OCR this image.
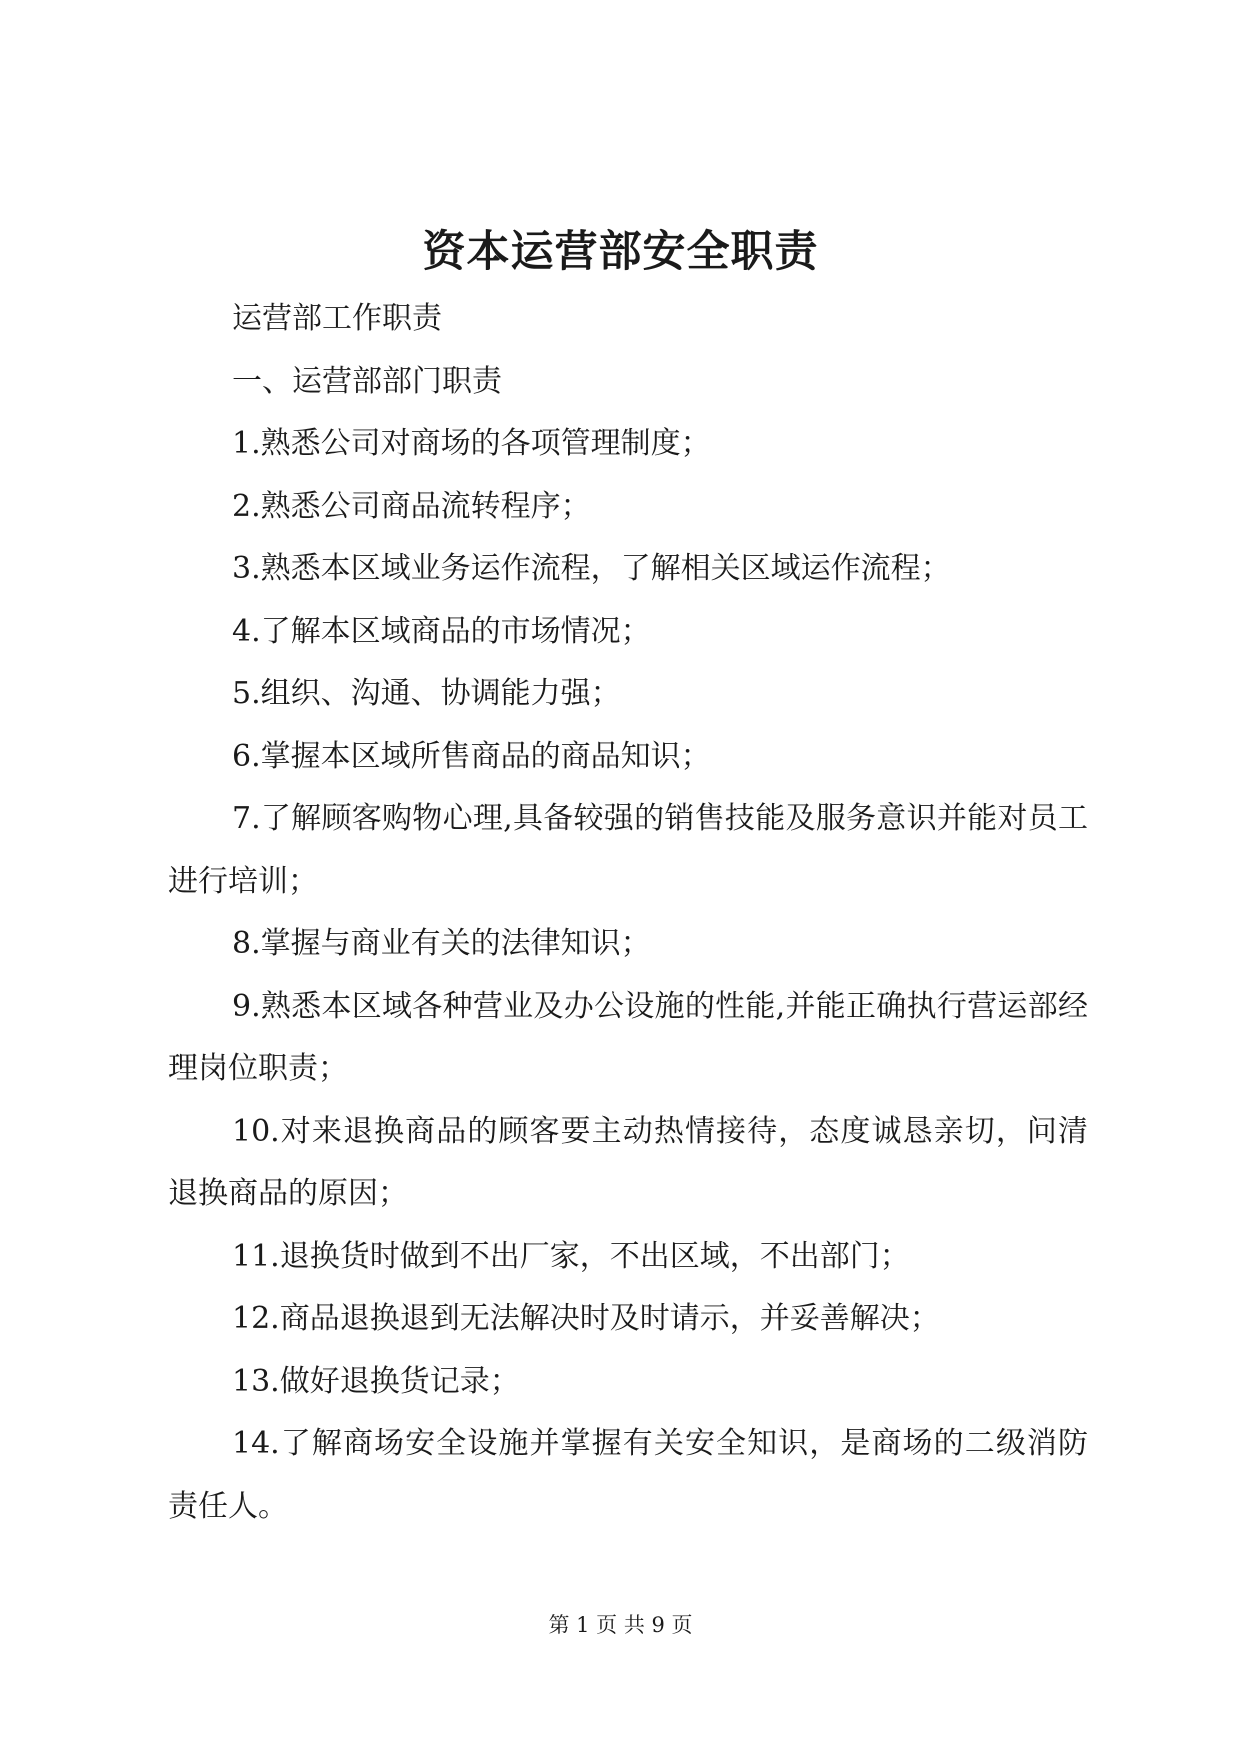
资本运营部安全职责

运营部工作职责

一、运营部部门职责

1.熟悉公司对商场的各项管理制度；

2.熟悉公司商品流转程序；

3.熟悉本区域业务运作流程，了解相关区域运作流程；

4.了解本区域商品的市场情况；

5.组织、沟通、协调能力强；

6.掌握本区域所售商品的商品知识；

7.了解顾客购物心理,具备较强的销售技能及服务意识并能对员工进行培训；

8.掌握与商业有关的法律知识；

9.熟悉本区域各种营业及办公设施的性能,并能正确执行营运部经理岗位职责；

10.对来退换商品的顾客要主动热情接待，态度诚恳亲切，问清退换商品的原因；

11.退换货时做到不出厂家，不出区域，不出部门；

12.商品退换退到无法解决时及时请示，并妥善解决；

13.做好退换货记录；

14.了解商场安全设施并掌握有关安全知识，是商场的二级消防责任人。

第 1 页 共 9 页
